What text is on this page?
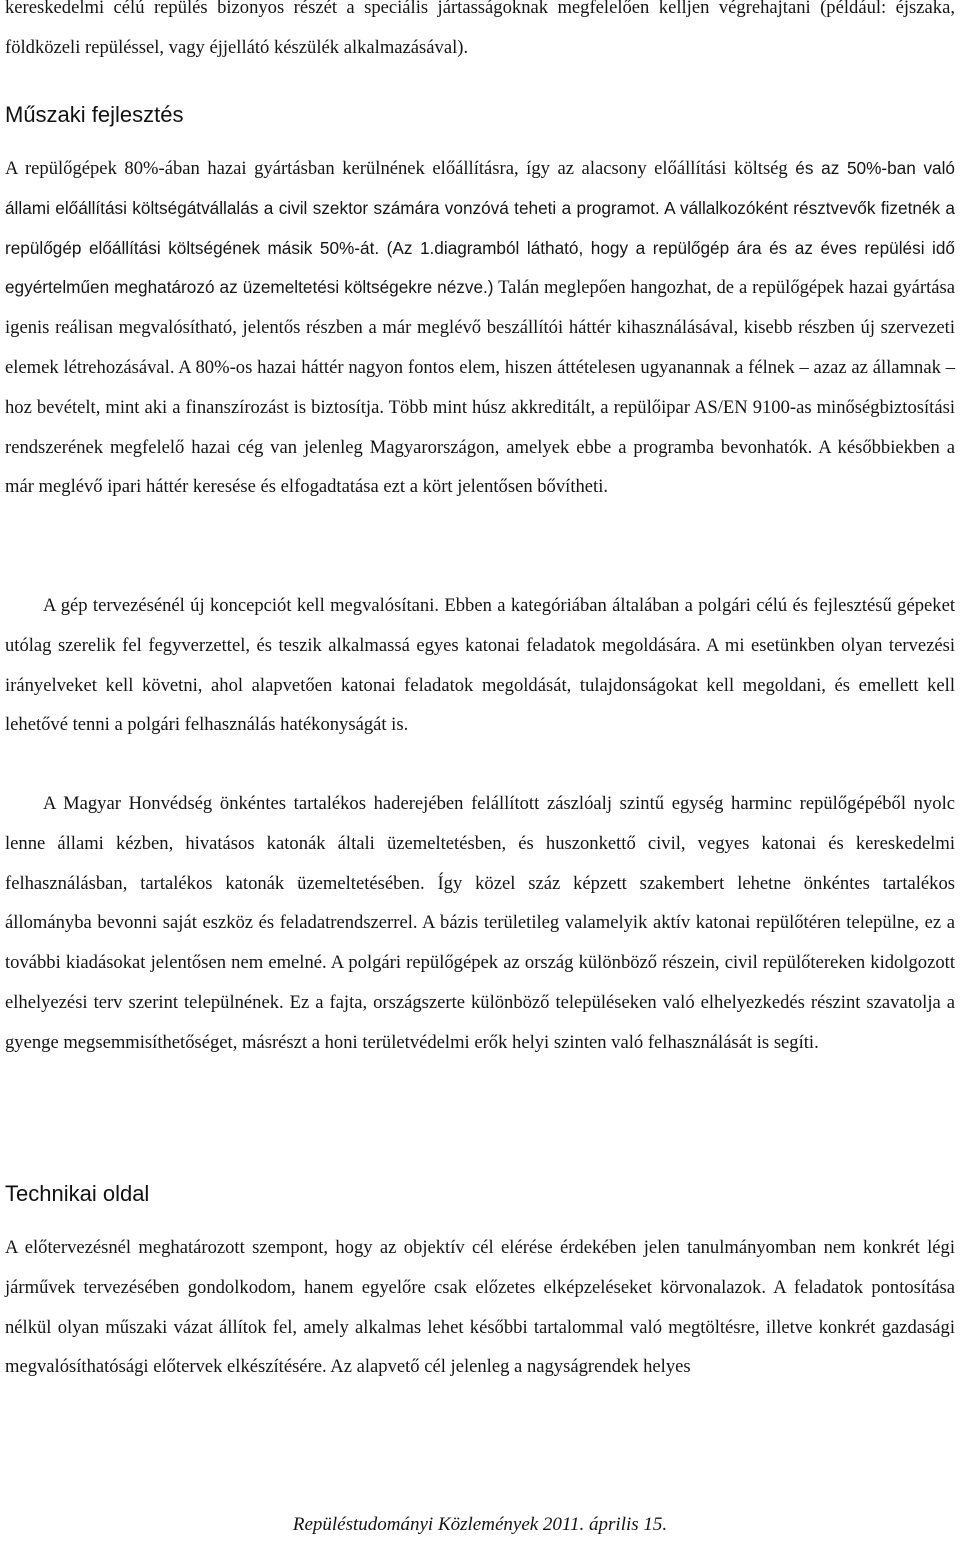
kereskedelmi célú repülés bizonyos részét a speciális jártasságoknak megfelelően kelljen végrehajtani (például: éjszaka, földközeli repüléssel, vagy éjjellátó készülék alkalmazásával).

Műszaki fejlesztés

A repülőgépek 80%-ában hazai gyártásban kerülnének előállításra, így az alacsony előállítási költség és az 50%-ban való állami előállítási költségátvállalás a civil szektor számára vonzóvá teheti a programot. A vállalkozóként résztvevők fizetnék a repülőgép előállítási költségének másik 50%-át. (Az 1.diagramból látható, hogy a repülőgép ára és az éves repülési idő egyértelműen meghatározó az üzemeltetési költségekre nézve.) Talán meglepően hangozhat, de a repülőgépek hazai gyártása igenis reálisan megvalósítható, jelentős részben a már meglévő beszállítói háttér kihasználásával, kisebb részben új szervezeti elemek létrehozásával. A 80%-os hazai háttér nagyon fontos elem, hiszen áttételesen ugyanannak a félnek – azaz az államnak – hoz bevételt, mint aki a finanszírozást is biztosítja. Több mint húsz akkreditált, a repülőipar AS/EN 9100-as minőségbiztosítási rendszerének megfelelő hazai cég van jelenleg Magyarországon, amelyek ebbe a programba bevonhatók. A későbbiekben a már meglévő ipari háttér keresése és elfogadtatása ezt a kört jelentősen bővítheti.

A gép tervezésénél új koncepciót kell megvalósítani. Ebben a kategóriában általában a polgári célú és fejlesztésű gépeket utólag szerelik fel fegyverzettel, és teszik alkalmassá egyes katonai feladatok megoldására. A mi esetünkben olyan tervezési irányelveket kell követni, ahol alapvetően katonai feladatok megoldását, tulajdonságokat kell megoldani, és emellett kell lehetővé tenni a polgári felhasználás hatékonyságát is.

A Magyar Honvédség önkéntes tartalékos haderejében felállított zászlóalj szintű egység harminc repülőgépéből nyolc lenne állami kézben, hivatásos katonák általi üzemeltetésben, és huszonkettő civil, vegyes katonai és kereskedelmi felhasználásban, tartalékos katonák üzemeltetésében. Így közel száz képzett szakembert lehetne önkéntes tartalékos állományba bevonni saját eszköz és feladatrendszerrel. A bázis területileg valamelyik aktív katonai repülőtéren települne, ez a további kiadásokat jelentősen nem emelné. A polgári repülőgépek az ország különböző részein, civil repülőtereken kidolgozott elhelyezési terv szerint települnének. Ez a fajta, országszerte különböző településeken való elhelyezkedés részint szavatolja a gyenge megsemmisíthetőséget, másrészt a honi területvédelmi erők helyi szinten való felhasználását is segíti.

Technikai oldal

A előtervezésnél meghatározott szempont, hogy az objektív cél elérése érdekében jelen tanulmányomban nem konkrét légi járművek tervezésében gondolkodom, hanem egyelőre csak előzetes elképzeléseket körvonalazok. A feladatok pontosítása nélkül olyan műszaki vázat állítok fel, amely alkalmas lehet későbbi tartalommal való megtöltésre, illetve konkrét gazdasági megvalósíthatósági előtervek elkészítésére. Az alapvető cél jelenleg a nagyságrendek helyes

Repüléstudományi Közlemények 2011. április 15.
